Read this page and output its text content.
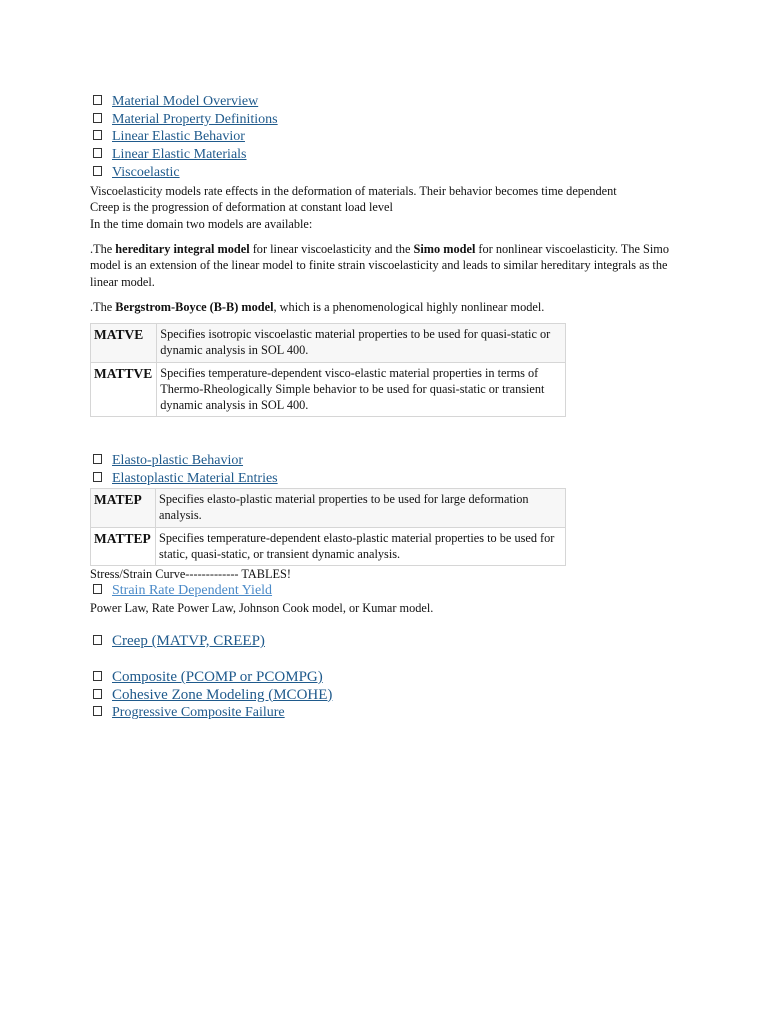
Material Model Overview
Material Property Definitions
Linear Elastic Behavior
Linear Elastic Materials
Viscoelastic
Viscoelasticity models rate effects in the deformation of materials. Their behavior becomes time dependent
Creep is the progression of deformation at constant load level
In the time domain two models are available:
.The hereditary integral model for linear viscoelasticity and the Simo model for nonlinear viscoelasticity. The Simo model is an extension of the linear model to finite strain viscoelasticity and leads to similar hereditary integrals as the linear model.
.The Bergstrom-Boyce (B-B) model, which is a phenomenological highly nonlinear model.
MATVE	Specifies isotropic viscoelastic material properties to be used for quasi-static or dynamic analysis in SOL 400.
MATTVE	Specifies temperature-dependent visco-elastic material properties in terms of Thermo-Rheologically Simple behavior to be used for quasi-static or transient dynamic analysis in SOL 400.
Elasto-plastic Behavior
Elastoplastic Material Entries
MATEP	Specifies elasto-plastic material properties to be used for large deformation analysis.
MATTEP	Specifies temperature-dependent elasto-plastic material properties to be used for static, quasi-static, or transient dynamic analysis.
Stress/Strain Curve------------- TABLES!
Strain Rate Dependent Yield
Power Law, Rate Power Law, Johnson Cook model, or Kumar model.
Creep (MATVP, CREEP)
Composite (PCOMP or PCOMPG)
Cohesive Zone Modeling (MCOHE)
Progressive Composite Failure
